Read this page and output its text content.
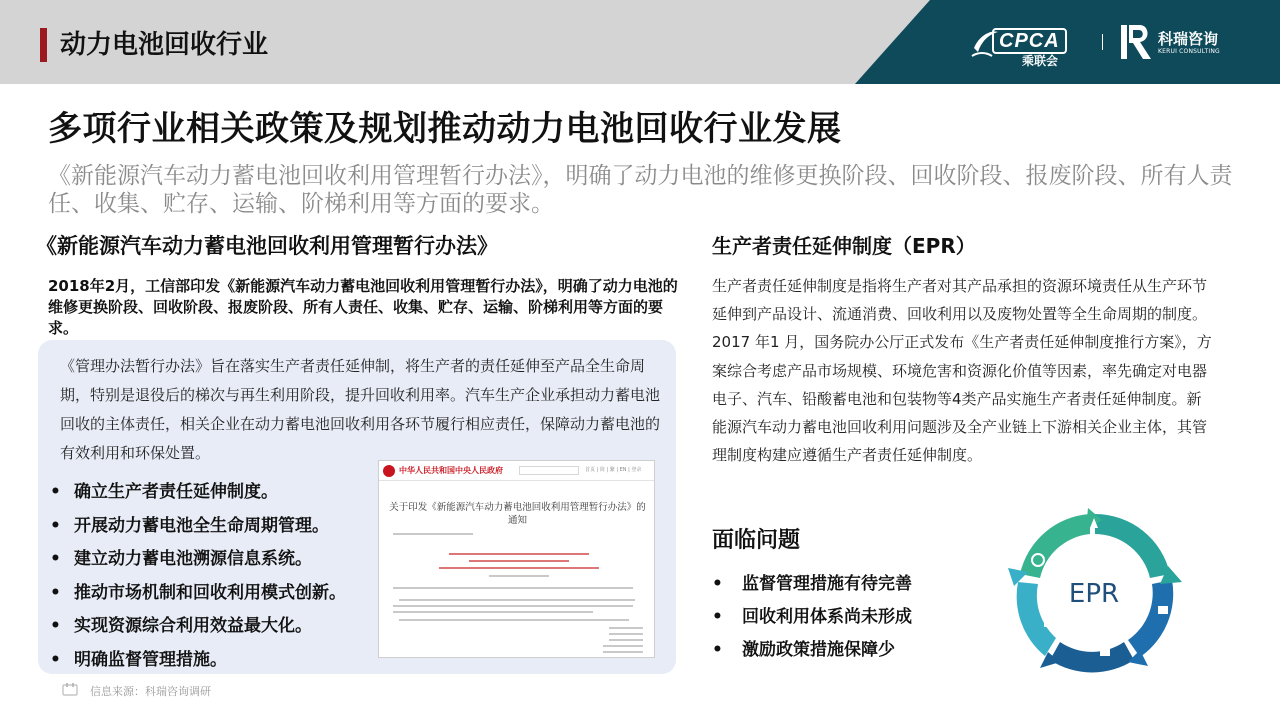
动力电池回收行业	CPCA
乘联会
科瑞咨询
KERUI CONSULTING
多项行业相关政策及规划推动动力电池回收行业发展
《新能源汽车动力蓄电池回收利用管理暂行办法》，明确了动力电池的维修更换阶段、回收阶段、报废阶段、所有人责任、收集、贮存、运输、阶梯利用等方面的要求。
《新能源汽车动力蓄电池回收利用管理暂行办法》
2018年2月，工信部印发《新能源汽车动力蓄电池回收利用管理暂行办法》，明确了动力电池的维修更换阶段、回收阶段、报废阶段、所有人责任、收集、贮存、运输、阶梯利用等方面的要求。
《管理办法暂行办法》旨在落实生产者责任延伸制，将生产者的责任延伸至产品全生命周期，特别是退役后的梯次与再生利用阶段，提升回收利用率。汽车生产企业承担动力蓄电池回收的主体责任，相关企业在动力蓄电池回收利用各环节履行相应责任，保障动力蓄电池的有效利用和环保处置。
• 确立生产者责任延伸制度。
• 开展动力蓄电池全生命周期管理。
• 建立动力蓄电池溯源信息系统。
• 推动市场机制和回收利用模式创新。
• 实现资源综合利用效益最大化。
• 明确监督管理措施。
中华人民共和国中央人民政府	首页 | 简 | 繁 | EN | 登录
关于印发《新能源汽车动力蓄电池回收利用管理暂行办法》的通知
信息来源：科瑞咨询调研
生产者责任延伸制度（EPR）
生产者责任延伸制度是指将生产者对其产品承担的资源环境责任从生产环节延伸到产品设计、流通消费、回收利用以及废物处置等全生命周期的制度。
2017 年1 月，国务院办公厅正式发布《生产者责任延伸制度推行方案》，方案综合考虑产品市场规模、环境危害和资源化价值等因素，率先确定对电器电子、汽车、铅酸蓄电池和包装物等4类产品实施生产者责任延伸制度。新能源汽车动力蓄电池回收利用问题涉及全产业链上下游相关企业主体，其管理制度构建应遵循生产者责任延伸制度。
面临问题
• 监督管理措施有待完善
• 回收利用体系尚未形成
• 激励政策措施保障少
EPR
